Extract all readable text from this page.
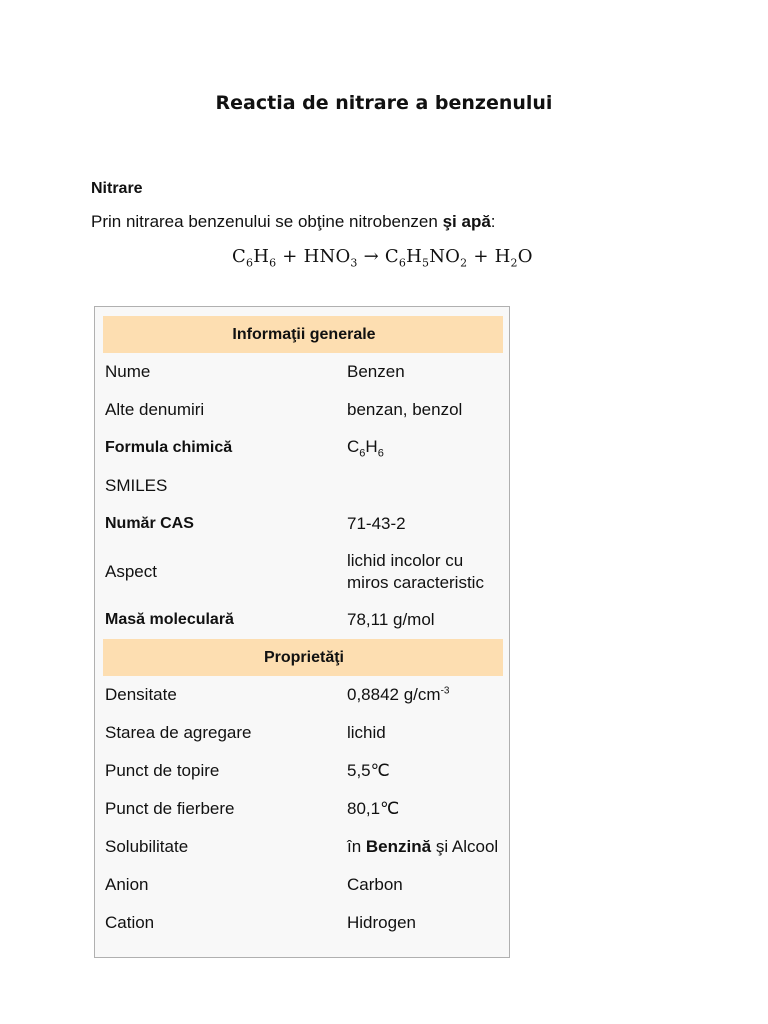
Reactia de nitrare a benzenului
Nitrare
Prin nitrarea benzenului se obţine nitrobenzen şi apă:
$C_6H_6 + HNO_3 \to C_6H_5NO_2 + H_2O$
Informaţii generale	
Nume	Benzen
Alte denumiri	benzan, benzol
Formula chimică	$C_6H_6$
SMILES	
Număr CAS	71-43-2
Aspect	lichid incolor cu
miros caracteristic
Masă moleculară	78,11 g/mol
Proprietăţi	
Densitate	0,8842 $g/cm^{-3}$
Starea de agregare	lichid
Punct de topire	5,5℃
Punct de fierbere	80,1℃
Solubilitate	în Benzină şi Alcool
Anion	Carbon
Cation	Hidrogen
